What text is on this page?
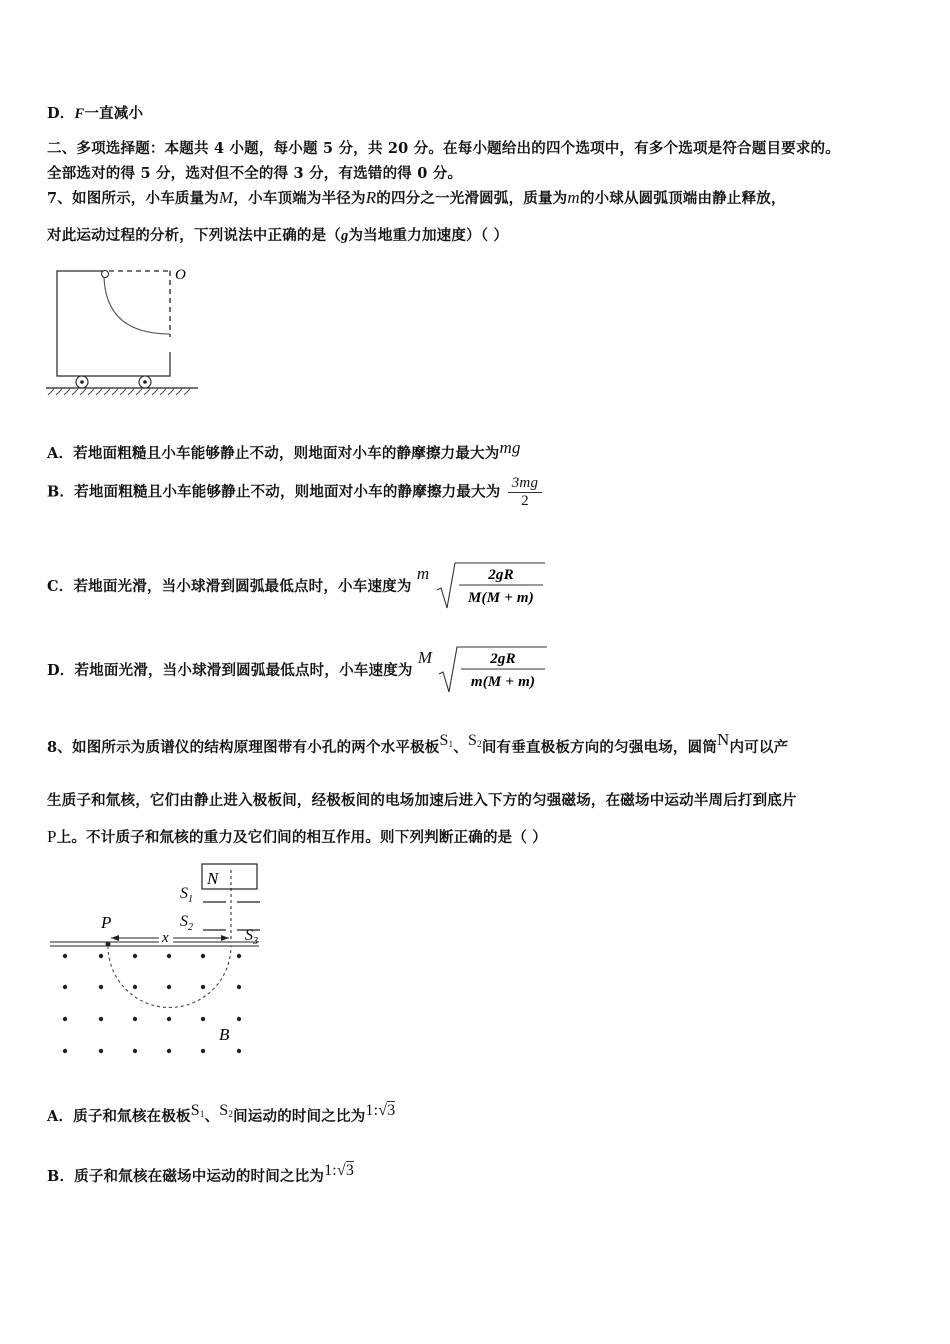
D．F一直减小
二、多项选择题：本题共 4 小题，每小题 5 分，共 20 分。在每小题给出的四个选项中，有多个选项是符合题目要求的。
全部选对的得 5 分，选对但不全的得 3 分，有选错的得 0 分。
7、如图所示，小车质量为M，小车顶端为半径为R的四分之一光滑圆弧，质量为m的小球从圆弧顶端由静止释放，
对此运动过程的分析，下列说法中正确的是（g为当地重力加速度）（ ）
O
A．若地面粗糙且小车能够静止不动，则地面对小车的静摩擦力最大为mg
B．若地面粗糙且小车能够静止不动，则地面对小车的静摩擦力最大为 $\frac{3mg}{2}$
C．若地面光滑，当小球滑到圆弧最低点时，小车速度为 m	2gR
M(M + m)
D．若地面光滑，当小球滑到圆弧最低点时，小车速度为 M	2gR
m(M + m)
8、如图所示为质谱仪的结构原理图带有小孔的两个水平极板$S_1$、$S_2$间有垂直极板方向的匀强电场，圆筒N内可以产
生质子和氚核，它们由静止进入极板间，经极板间的电场加速后进入下方的匀强磁场，在磁场中运动半周后打到底片
P上。不计质子和氚核的重力及它们间的相互作用。则下列判断正确的是（ ）
N
$S_1$
$S_2$	$S_3$
P
x
B
A．质子和氚核在极板$S_1$、$S_2$间运动的时间之比为1:√3
B．质子和氚核在磁场中运动的时间之比为1:√3
